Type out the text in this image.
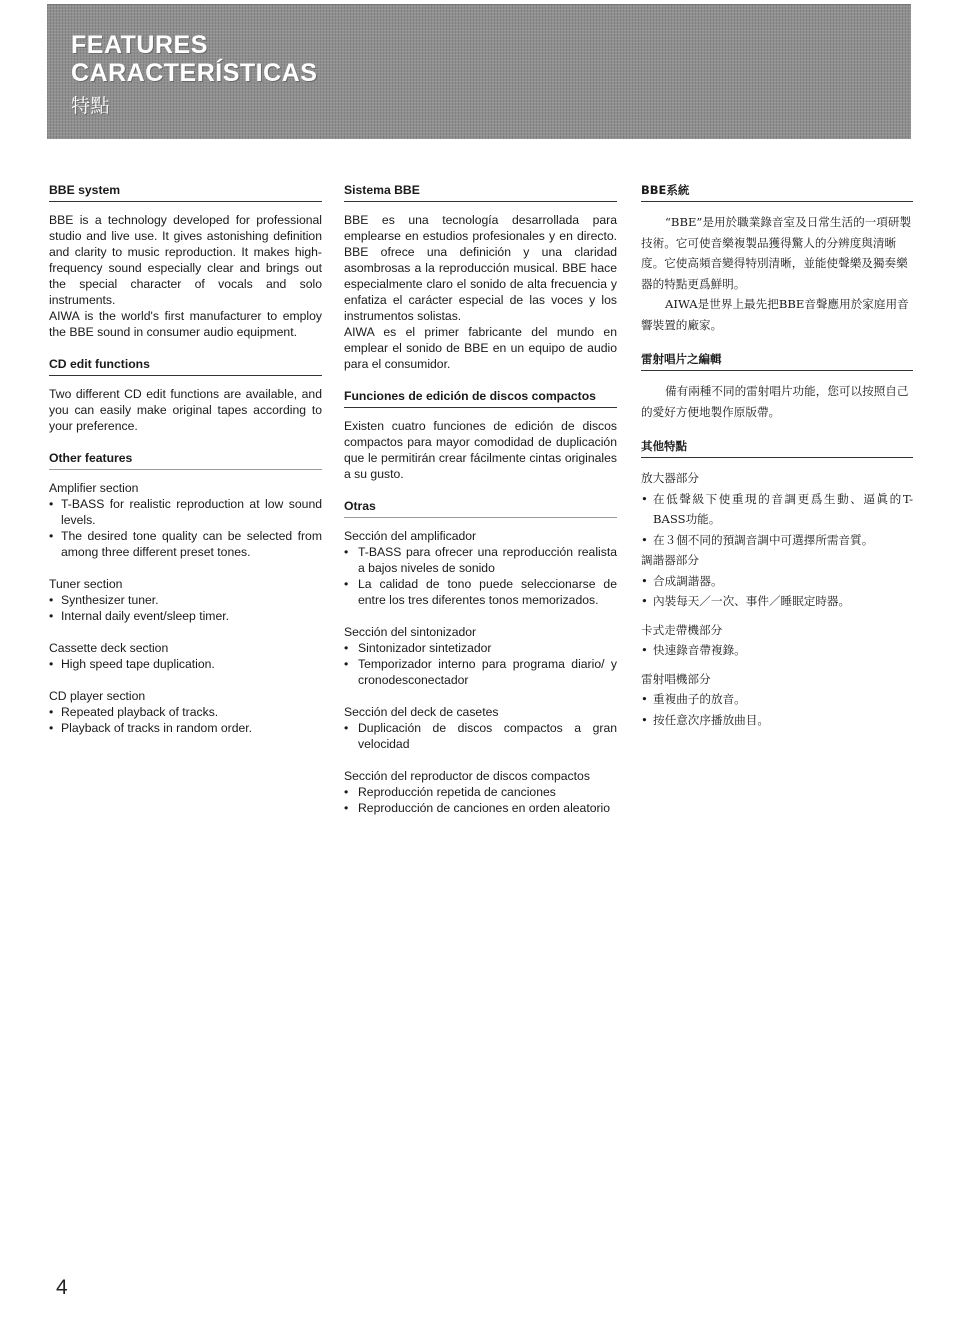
FEATURES
CARACTERÍSTICAS
特點
BBE system

BBE is a technology developed for professional studio and live use. It gives astonishing definition and clarity to music reproduction. It makes high-frequency sound especially clear and brings out the special character of vocals and solo instruments.

AIWA is the world's first manufacturer to employ the BBE sound in consumer audio equipment.

CD edit functions

Two different CD edit functions are available, and you can easily make original tapes according to your preference.

Other features

Amplifier section

• T-BASS for realistic reproduction at low sound levels.
• The desired tone quality can be selected from among three different preset tones.

Tuner section

• Synthesizer tuner.
• Internal daily event/sleep timer.

Cassette deck section

• High speed tape duplication.

CD player section

• Repeated playback of tracks.
• Playback of tracks in random order.
Sistema BBE

BBE es una tecnología desarrollada para emplearse en estudios profesionales y en directo. BBE ofrece una definición y una claridad asombrosas a la reproducción musical. BBE hace especialmente claro el sonido de alta frecuencia y enfatiza el carácter especial de las voces y los instrumentos solistas.

AIWA es el primer fabricante del mundo en emplear el sonido de BBE en un equipo de audio para el consumidor.

Funciones de edición de discos compactos

Existen cuatro funciones de edición de discos compactos para mayor comodidad de duplicación que le permitirán crear fácilmente cintas originales a su gusto.

Otras

Sección del amplificador

• T-BASS para ofrecer una reproducción realista a bajos niveles de sonido
• La calidad de tono puede seleccionarse de entre los tres diferentes tonos memorizados.

Sección del sintonizador

• Sintonizador sintetizador
• Temporizador interno para programa diario/ y cronodesconectador

Sección del deck de casetes

• Duplicación de discos compactos a gran velocidad

Sección del reproductor de discos compactos

• Reproducción repetida de canciones
• Reproducción de canciones en orden aleatorio
BBE系統

“BBE”是用於職業錄音室及日常生活的一項研製技術。它可使音樂複製品獲得驚人的分辨度與清晰度。它使高頻音變得特別清晰，並能使聲樂及獨奏樂器的特點更爲鮮明。

AIWA是世界上最先把BBE音聲應用於家庭用音響裝置的廠家。

雷射唱片之編輯

備有兩種不同的雷射唱片功能，您可以按照自己的愛好方便地製作原版帶。

其他特點

放大器部分

• 在低聲級下使重現的音調更爲生動、逼眞的T-BASS功能。
• 在３個不同的預調音調中可選擇所需音質。

調諧器部分

• 合成調諧器。
• 內裝每天／一次、事件／睡眠定時器。

卡式走帶機部分

• 快速錄音帶複錄。

雷射唱機部分

• 重複曲子的放音。
• 按任意次序播放曲目。
4
